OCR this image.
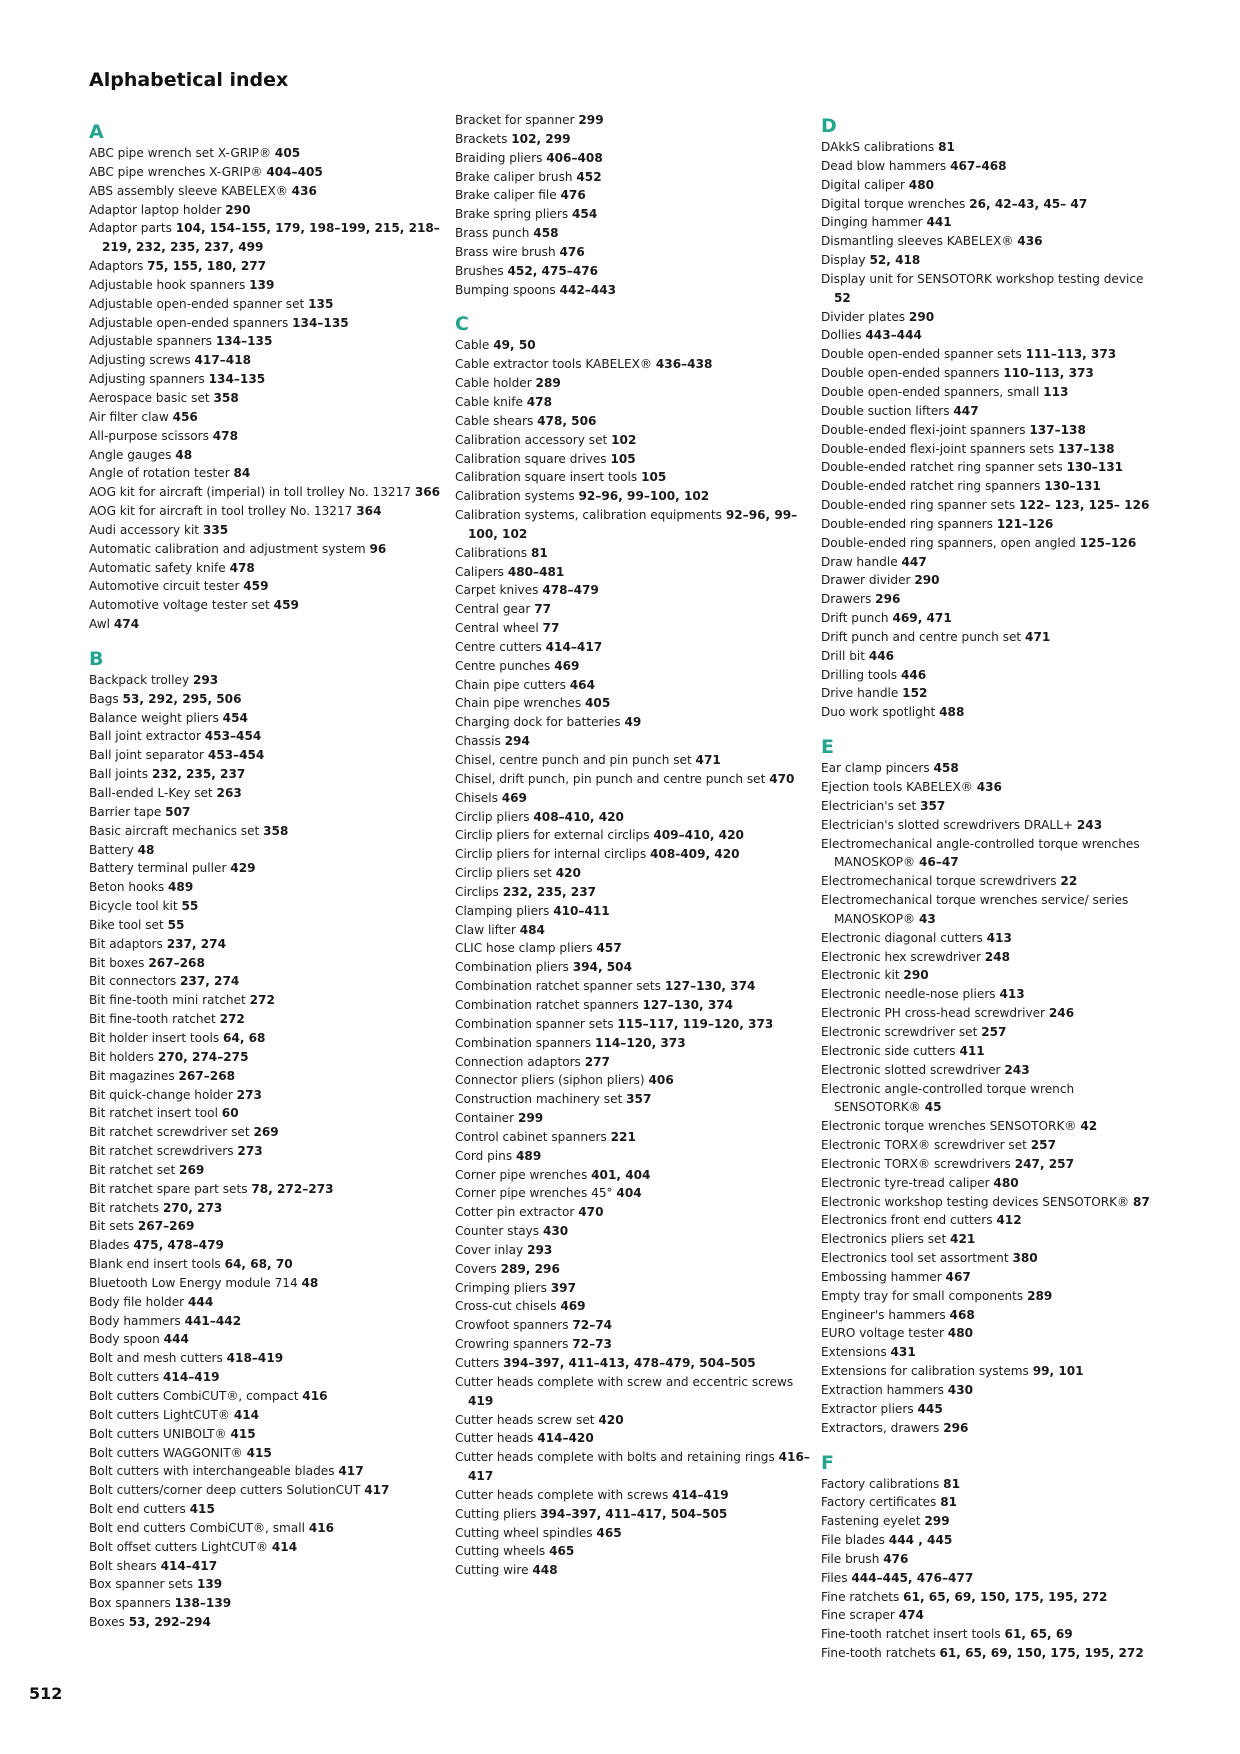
Alphabetical index
A
ABC pipe wrench set X-GRIP® 405
ABC pipe wrenches X-GRIP® 404–405
ABS assembly sleeve KABELEX® 436
Adaptor laptop holder 290
Adaptor parts 104, 154–155, 179, 198–199, 215, 218–219, 232, 235, 237, 499
Adaptors 75, 155, 180, 277
Adjustable hook spanners 139
Adjustable open-ended spanner set 135
Adjustable open-ended spanners 134–135
Adjustable spanners 134–135
Adjusting screws 417–418
Adjusting spanners 134–135
Aerospace basic set 358
Air filter claw 456
All-purpose scissors 478
Angle gauges 48
Angle of rotation tester 84
AOG kit for aircraft (imperial) in toll trolley No. 13217 366
AOG kit for aircraft in tool trolley No. 13217 364
Audi accessory kit 335
Automatic calibration and adjustment system 96
Automatic safety knife 478
Automotive circuit tester 459
Automotive voltage tester set 459
Awl 474
B
Backpack trolley 293
Bags 53, 292, 295, 506
Balance weight pliers 454
Ball joint extractor 453–454
Ball joint separator 453–454
Ball joints 232, 235, 237
Ball-ended L-Key set 263
Barrier tape 507
Basic aircraft mechanics set 358
Battery 48
Battery terminal puller 429
Beton hooks 489
Bicycle tool kit 55
Bike tool set 55
Bit adaptors 237, 274
Bit boxes 267–268
Bit connectors 237, 274
Bit fine-tooth mini ratchet 272
Bit fine-tooth ratchet 272
Bit holder insert tools 64, 68
Bit holders 270, 274–275
Bit magazines 267–268
Bit quick-change holder 273
Bit ratchet insert tool 60
Bit ratchet screwdriver set 269
Bit ratchet screwdrivers 273
Bit ratchet set 269
Bit ratchet spare part sets 78, 272–273
Bit ratchets 270, 273
Bit sets 267–269
Blades 475, 478–479
Blank end insert tools 64, 68, 70
Bluetooth Low Energy module 714 48
Body file holder 444
Body hammers 441–442
Body spoon 444
Bolt and mesh cutters 418–419
Bolt cutters 414–419
Bolt cutters CombiCUT®, compact 416
Bolt cutters LightCUT® 414
Bolt cutters UNIBOLT® 415
Bolt cutters WAGGONIT® 415
Bolt cutters with interchangeable blades 417
Bolt cutters/corner deep cutters SolutionCUT 417
Bolt end cutters 415
Bolt end cutters CombiCUT®, small 416
Bolt offset cutters LightCUT® 414
Bolt shears 414–417
Box spanner sets 139
Box spanners 138–139
Boxes 53, 292–294
Bracket for spanner 299
Brackets 102, 299
Braiding pliers 406–408
Brake caliper brush 452
Brake caliper file 476
Brake spring pliers 454
Brass punch 458
Brass wire brush 476
Brushes 452, 475–476
Bumping spoons 442–443
C
Cable 49, 50
Cable extractor tools KABELEX® 436–438
Cable holder 289
Cable knife 478
Cable shears 478, 506
Calibration accessory set 102
Calibration square drives 105
Calibration square insert tools 105
Calibration systems 92–96, 99–100, 102
Calibration systems, calibration equipments 92–96, 99–100, 102
Calibrations 81
Calipers 480–481
Carpet knives 478–479
Central gear 77
Central wheel 77
Centre cutters 414–417
Centre punches 469
Chain pipe cutters 464
Chain pipe wrenches 405
Charging dock for batteries 49
Chassis 294
Chisel, centre punch and pin punch set 471
Chisel, drift punch, pin punch and centre punch set 470
Chisels 469
Circlip pliers 408–410, 420
Circlip pliers for external circlips 409–410, 420
Circlip pliers for internal circlips 408-409, 420
Circlip pliers set 420
Circlips 232, 235, 237
Clamping pliers 410–411
Claw lifter 484
CLIC hose clamp pliers 457
Combination pliers 394, 504
Combination ratchet spanner sets 127–130, 374
Combination ratchet spanners 127–130, 374
Combination spanner sets 115–117, 119–120, 373
Combination spanners 114–120, 373
Connection adaptors 277
Connector pliers (siphon pliers) 406
Construction machinery set 357
Container 299
Control cabinet spanners 221
Cord pins 489
Corner pipe wrenches 401, 404
Corner pipe wrenches 45° 404
Cotter pin extractor 470
Counter stays 430
Cover inlay 293
Covers 289, 296
Crimping pliers 397
Cross-cut chisels 469
Crowfoot spanners 72–74
Crowring spanners 72–73
Cutters 394–397, 411–413, 478–479, 504–505
Cutter heads complete with screw and eccentric screws 419
Cutter heads screw set 420
Cutter heads 414–420
Cutter heads complete with bolts and retaining rings 416–417
Cutter heads complete with screws 414–419
Cutting pliers 394–397, 411–417, 504–505
Cutting wheel spindles 465
Cutting wheels 465
Cutting wire 448
D
DAkkS calibrations 81
Dead blow hammers 467–468
Digital caliper 480
Digital torque wrenches 26, 42–43, 45– 47
Dinging hammer 441
Dismantling sleeves KABELEX® 436
Display 52, 418
Display unit for SENSOTORK workshop testing device 52
Divider plates 290
Dollies 443–444
Double open-ended spanner sets 111–113, 373
Double open-ended spanners 110–113, 373
Double open-ended spanners, small 113
Double suction lifters 447
Double-ended flexi-joint spanners 137–138
Double-ended flexi-joint spanners sets 137–138
Double-ended ratchet ring spanner sets 130–131
Double-ended ratchet ring spanners 130–131
Double-ended ring spanner sets 122– 123, 125– 126
Double-ended ring spanners 121–126
Double-ended ring spanners, open angled 125–126
Draw handle 447
Drawer divider 290
Drawers 296
Drift punch 469, 471
Drift punch and centre punch set 471
Drill bit 446
Drilling tools 446
Drive handle 152
Duo work spotlight 488
E
Ear clamp pincers 458
Ejection tools KABELEX® 436
Electrician's set 357
Electrician's slotted screwdrivers DRALL+ 243
Electromechanical angle-controlled torque wrenches MANOSKOP® 46–47
Electromechanical torque screwdrivers 22
Electromechanical torque wrenches service/ series MANOSKOP® 43
Electronic diagonal cutters 413
Electronic hex screwdriver 248
Electronic kit 290
Electronic needle-nose pliers 413
Electronic PH cross-head screwdriver 246
Electronic screwdriver set 257
Electronic side cutters 411
Electronic slotted screwdriver 243
Electronic angle-controlled torque wrench SENSOTORK® 45
Electronic torque wrenches SENSOTORK® 42
Electronic TORX® screwdriver set 257
Electronic TORX® screwdrivers 247, 257
Electronic tyre-tread caliper 480
Electronic workshop testing devices SENSOTORK® 87
Electronics front end cutters 412
Electronics pliers set 421
Electronics tool set assortment 380
Embossing hammer 467
Empty tray for small components 289
Engineer's hammers 468
EURO voltage tester 480
Extensions 431
Extensions for calibration systems 99, 101
Extraction hammers 430
Extractor pliers 445
Extractors, drawers 296
F
Factory calibrations 81
Factory certificates 81
Fastening eyelet 299
File blades 444 , 445
File brush 476
Files 444–445, 476–477
Fine ratchets 61, 65, 69, 150, 175, 195, 272
Fine scraper 474
Fine-tooth ratchet insert tools 61, 65, 69
Fine-tooth ratchets 61, 65, 69, 150, 175, 195, 272
512
